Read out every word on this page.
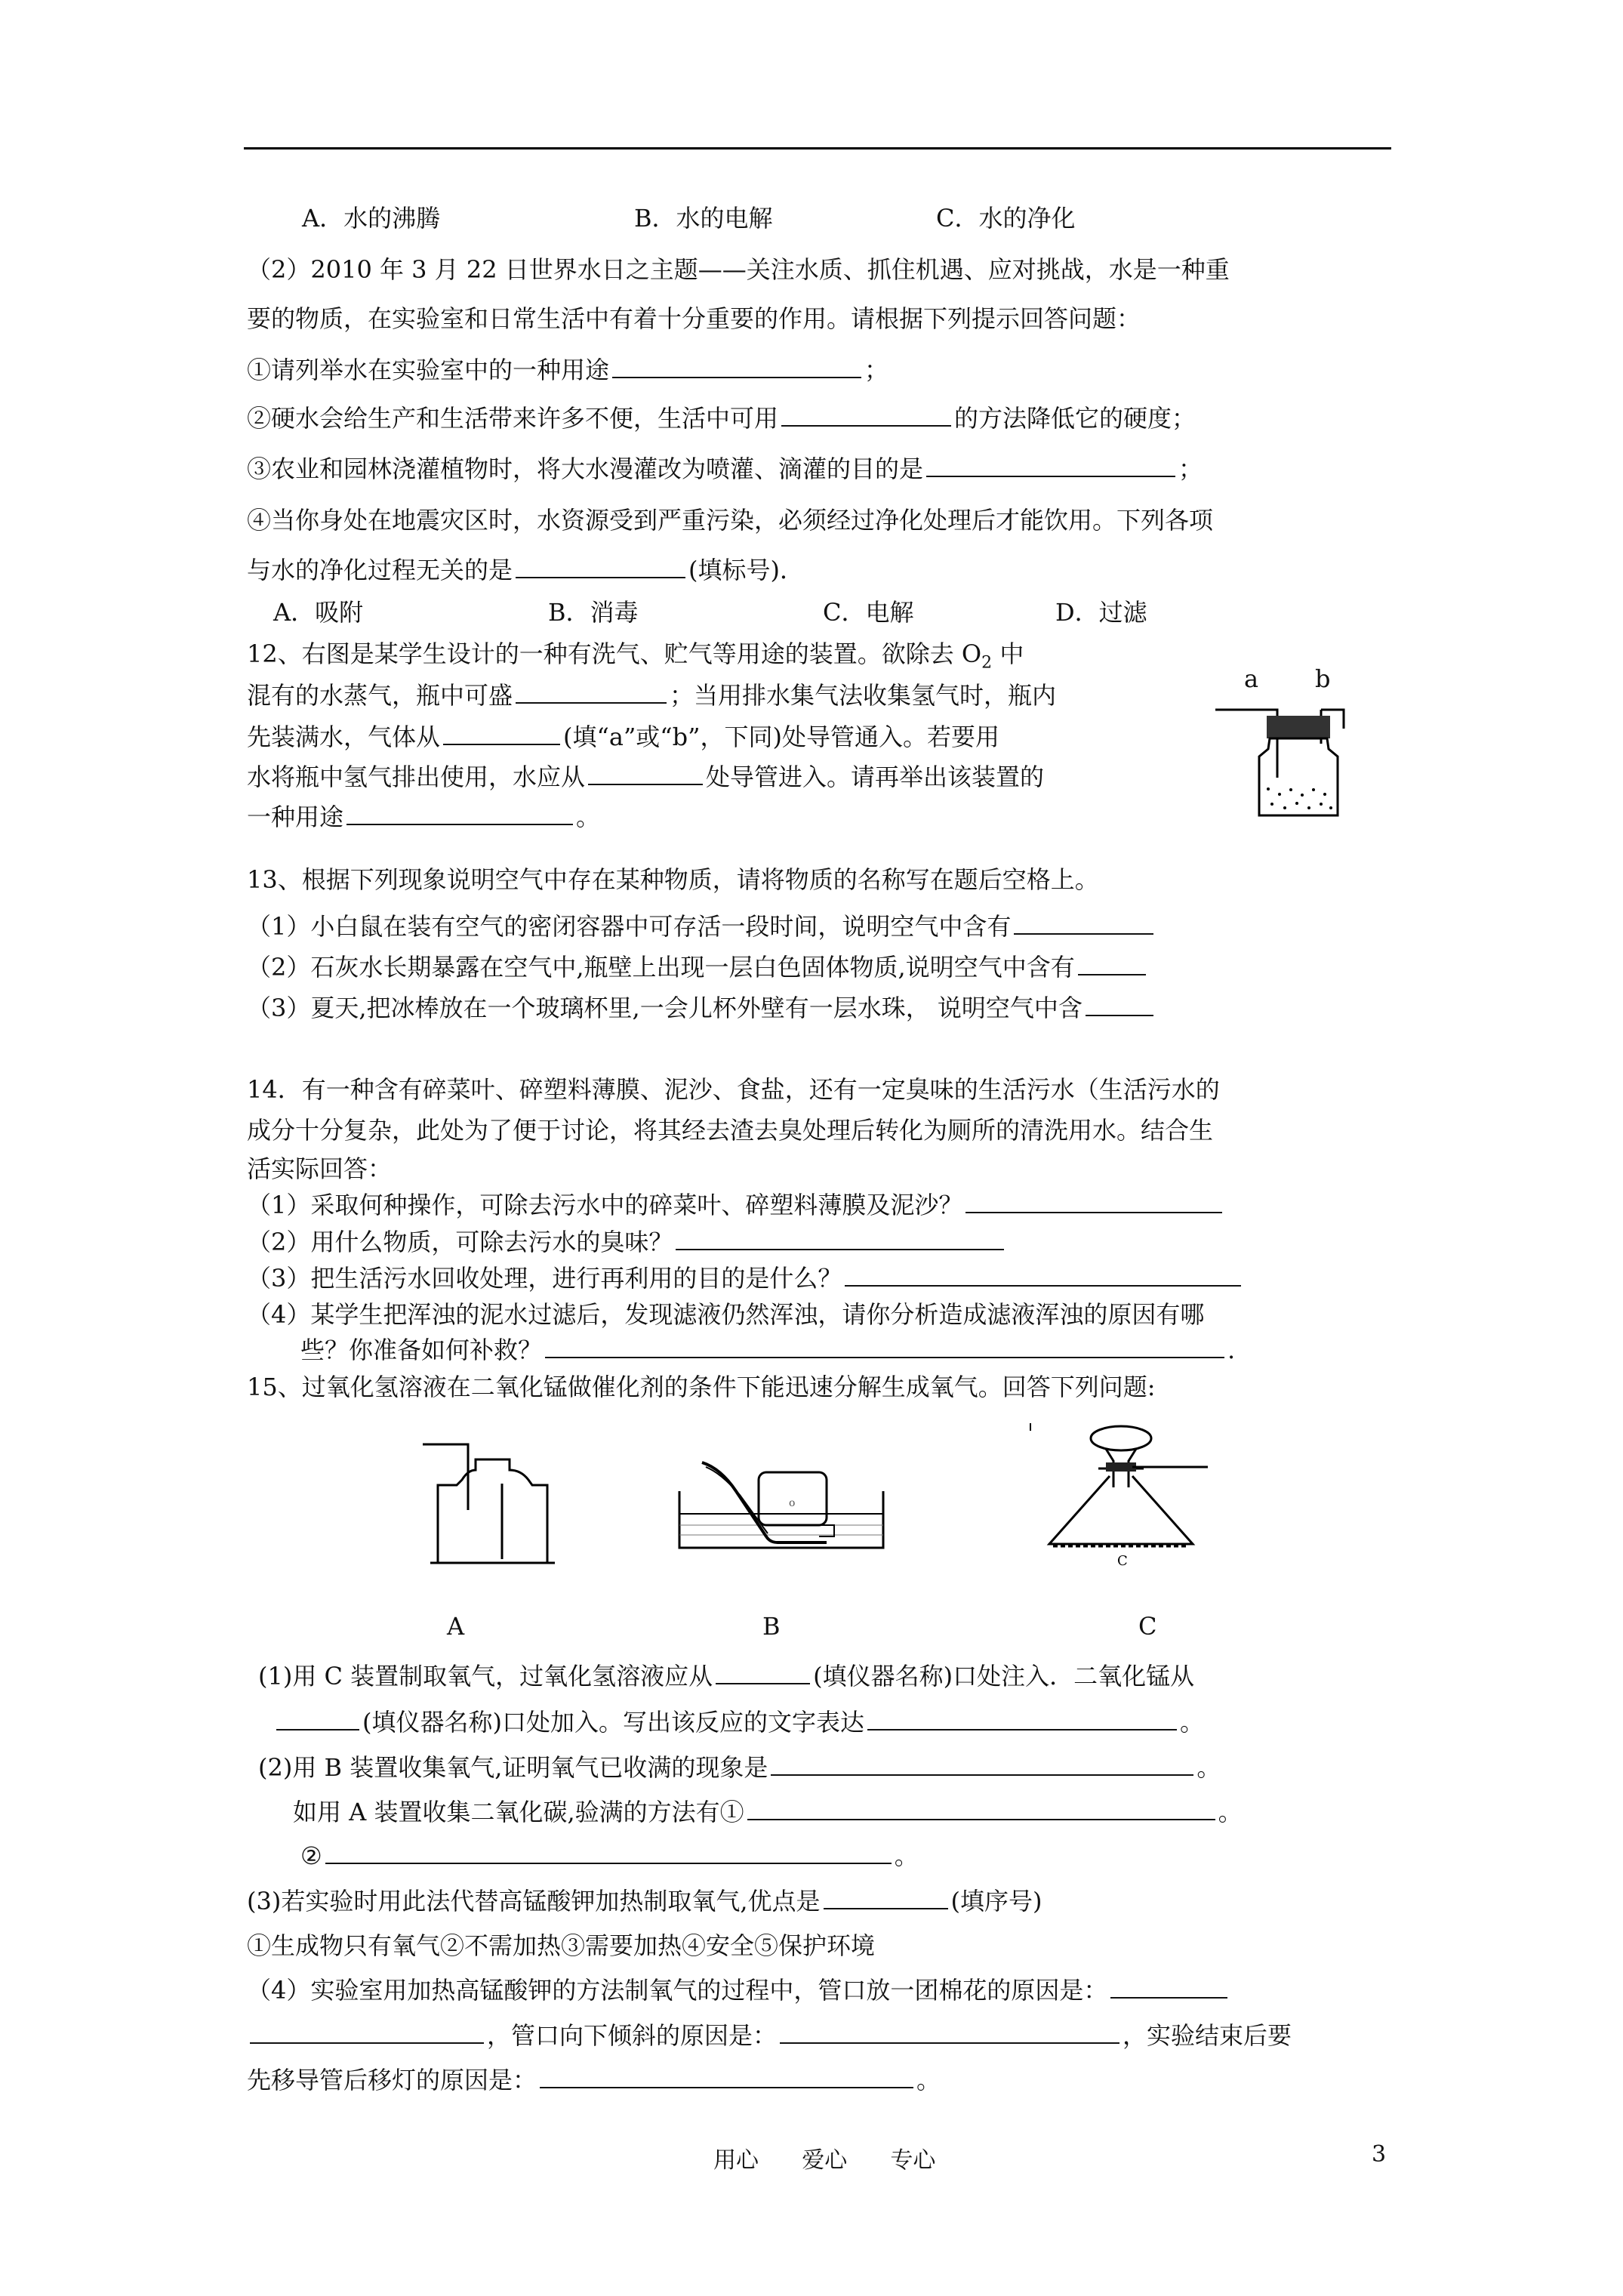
A．水的沸腾	B．水的电解	C．水的净化
（2）2010 年 3 月 22 日世界水日之主题——关注水质、抓住机遇、应对挑战，水是一种重
要的物质，在实验室和日常生活中有着十分重要的作用。请根据下列提示回答问题：
①请列举水在实验室中的一种用途	；
②硬水会给生产和生活带来许多不便，生活中可用	的方法降低它的硬度；
③农业和园林浇灌植物时，将大水漫灌改为喷灌、滴灌的目的是	；
④当你身处在地震灾区时，水资源受到严重污染，必须经过净化处理后才能饮用。下列各项
与水的净化过程无关的是	(填标号)．
A．吸附	B．消毒	C．电解	D．过滤
12、右图是某学生设计的一种有洗气、贮气等用途的装置。欲除去 $O_2$ 中
混有的水蒸气，瓶中可盛	；当用排水集气法收集氢气时，瓶内
先装满水，气体从	(填“a”或“b”，下同)处导管通入。若要用
水将瓶中氢气排出使用，水应从	处导管进入。请再举出该装置的
一种用途	。
a b
13、根据下列现象说明空气中存在某种物质，请将物质的名称写在题后空格上。
（1）小白鼠在装有空气的密闭容器中可存活一段时间，说明空气中含有
（2）石灰水长期暴露在空气中,瓶壁上出现一层白色固体物质,说明空气中含有
（3）夏天,把冰棒放在一个玻璃杯里,一会儿杯外壁有一层水珠， 说明空气中含
14．有一种含有碎菜叶、碎塑料薄膜、泥沙、食盐，还有一定臭味的生活污水（生活污水的
成分十分复杂，此处为了便于讨论，将其经去渣去臭处理后转化为厕所的清洗用水。结合生
活实际回答：
（1）采取何种操作，可除去污水中的碎菜叶、碎塑料薄膜及泥沙？
（2）用什么物质，可除去污水的臭味？
（3）把生活污水回收处理，进行再利用的目的是什么？
（4）某学生把浑浊的泥水过滤后，发现滤液仍然浑浊，请你分析造成滤液浑浊的原因有哪
些？你准备如何补救？	.
15、过氧化氢溶液在二氧化锰做催化剂的条件下能迅速分解生成氧气。回答下列问题:
A
o
B
C
C
(1)用 C 装置制取氧气，过氧化氢溶液应从	(填仪器名称)口处注入．二氧化锰从
(填仪器名称)口处加入。写出该反应的文字表达	。
(2)用 B 装置收集氧气,证明氧气已收满的现象是	。
如用 A 装置收集二氧化碳,验满的方法有①	。
②	。
(3)若实验时用此法代替高锰酸钾加热制取氧气,优点是	(填序号)
①生成物只有氧气②不需加热③需要加热④安全⑤保护环境
（4）实验室用加热高锰酸钾的方法制氧气的过程中，管口放一团棉花的原因是：
，管口向下倾斜的原因是：	，实验结束后要
先移导管后移灯的原因是：	。
用心      爱心      专心	3
